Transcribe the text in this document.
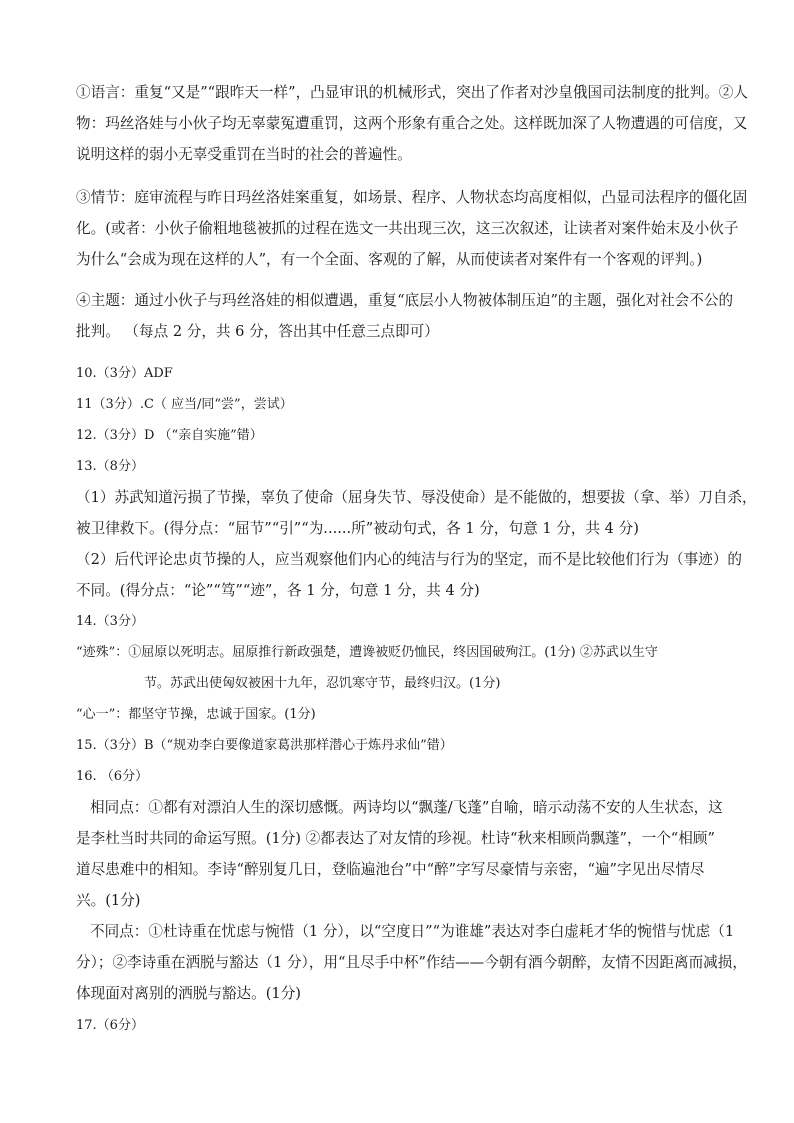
①语言：重复“又是”“跟昨天一样”，凸显审讯的机械形式，突出了作者对沙皇俄国司法制度的批判。②人
物：玛丝洛娃与小伙子均无辜蒙冤遭重罚，这两个形象有重合之处。这样既加深了人物遭遇的可信度，又
说明这样的弱小无辜受重罚在当时的社会的普遍性。
③情节：庭审流程与昨日玛丝洛娃案重复，如场景、程序、人物状态均高度相似，凸显司法程序的僵化固
化。(或者：小伙子偷粗地毯被抓的过程在选文一共出现三次，这三次叙述，让读者对案件始末及小伙子
为什么“会成为现在这样的人”，有一个全面、客观的了解，从而使读者对案件有一个客观的评判。)
④主题：通过小伙子与玛丝洛娃的相似遭遇，重复“底层小人物被体制压迫”的主题，强化对社会不公的
批判。 （每点 2 分，共 6 分，答出其中任意三点即可）
10.（3分）ADF
11（3分）.C（ 应当/同“尝”，尝试）
12.（3分）D （“亲自实施”错）
13.（8分）
（1）苏武知道污损了节操，辜负了使命（屈身失节、辱没使命）是不能做的，想要拔（拿、举）刀自杀，
被卫律救下。(得分点：“屈节”“引”“为......所”被动句式，各 1 分，句意 1 分，共 4 分)
（2）后代评论忠贞节操的人，应当观察他们内心的纯洁与行为的坚定，而不是比较他们行为（事迹）的
不同。(得分点：“论”“笃”“迹”，各 1 分，句意 1 分，共 4 分)
14.（3分）
“迹殊”：①屈原以死明志。屈原推行新政强楚，遭谗被贬仍恤民，终因国破殉江。(1分) ②苏武以生守
节。苏武出使匈奴被困十九年，忍饥寒守节，最终归汉。(1分)
“心一”：都坚守节操，忠诚于国家。(1分)
15.（3分）B（“规劝李白要像道家葛洪那样潜心于炼丹求仙”错）
16. （6分）
相同点：①都有对漂泊人生的深切感慨。两诗均以“飘蓬/飞蓬”自喻，暗示动荡不安的人生状态，这
是李杜当时共同的命运写照。(1分) ②都表达了对友情的珍视。杜诗“秋来相顾尚飘蓬”，一个“相顾”
道尽患难中的相知。李诗“醉别复几日，登临遍池台”中“醉”字写尽豪情与亲密，“遍”字见出尽情尽
兴。(1分)
不同点：①杜诗重在忧虑与惋惜（1 分），以“空度日”“为谁雄”表达对李白虚耗才华的惋惜与忧虑（1
分）；②李诗重在洒脱与豁达（1 分），用“且尽手中杯”作结——今朝有酒今朝醉，友情不因距离而减损，
体现面对离别的洒脱与豁达。(1分)
17.（6分）
